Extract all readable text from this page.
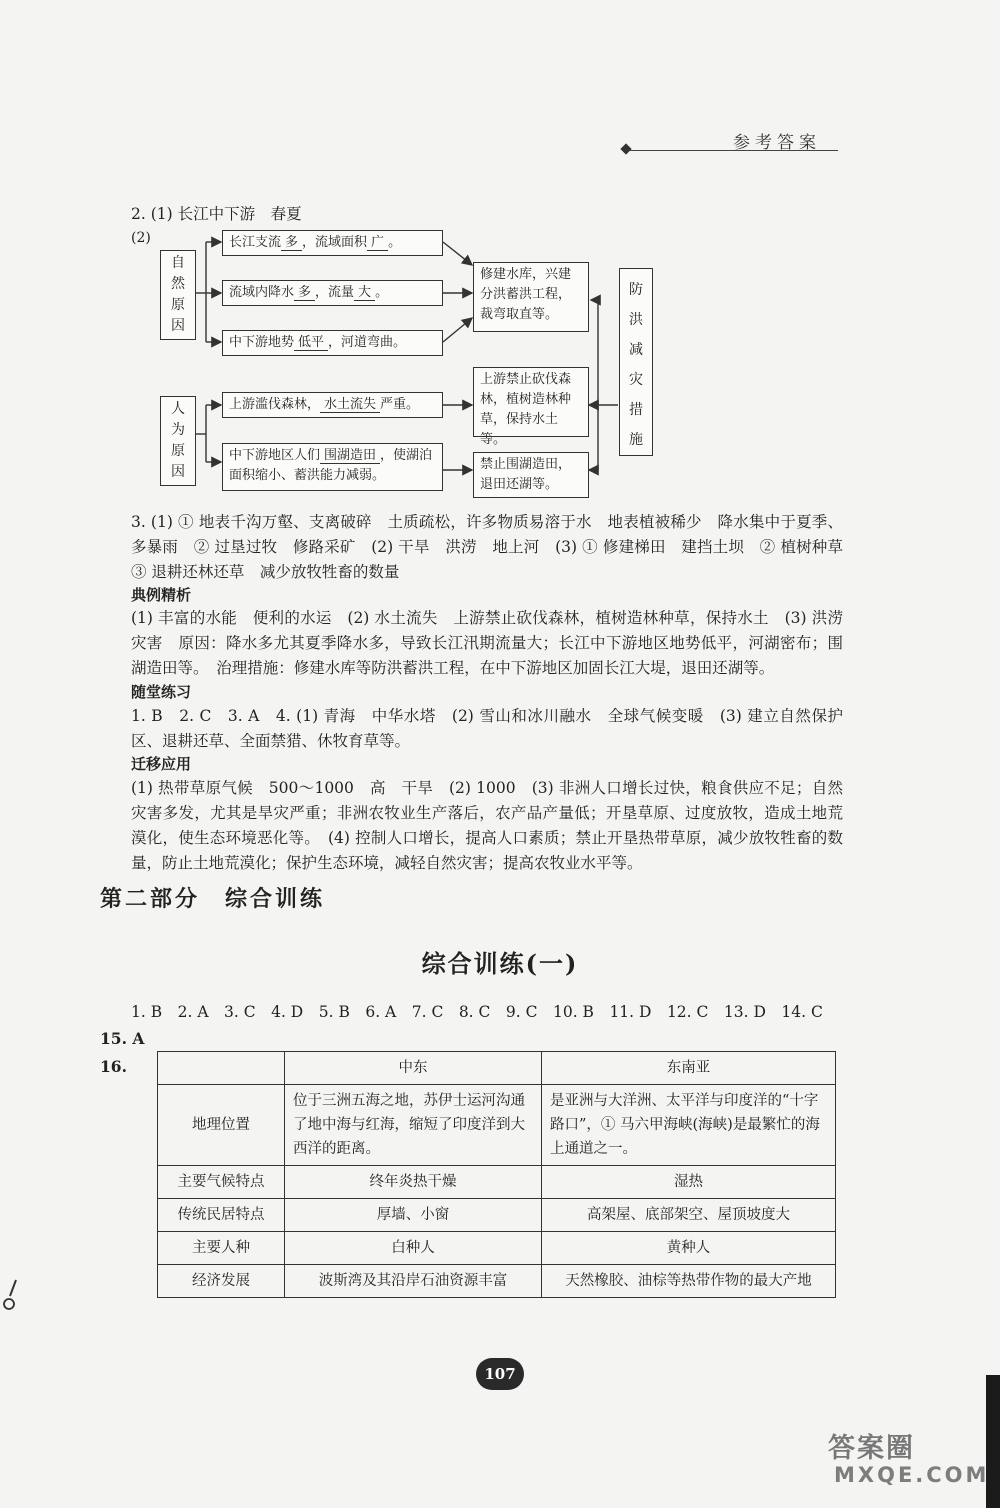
参考答案
2. (1) 长江中下游　春夏
(2)
自然原因
长江支流 多 ，流域面积 广 。
流域内降水 多 ，流量 大 。
中下游地势 低平 ，河道弯曲。
修建水库，兴建分洪蓄洪工程，裁弯取直等。
防洪减灾措施
人为原因
上游滥伐森林， 水土流失 严重。
中下游地区人们 围湖造田 ，使湖泊面积缩小、蓄洪能力减弱。
上游禁止砍伐森林，植树造林种草，保持水土等。
禁止围湖造田，退田还湖等。
3. (1) ① 地表千沟万壑、支离破碎　土质疏松，许多物质易溶于水　地表植被稀少　降水集中于夏季、多暴雨　② 过垦过牧　修路采矿　(2) 干旱　洪涝　地上河　(3) ① 修建梯田　建挡土坝　② 植树种草　③ 退耕还林还草　减少放牧牲畜的数量
典例精析
(1) 丰富的水能　便利的水运　(2) 水土流失　上游禁止砍伐森林，植树造林种草，保持水土　(3) 洪涝灾害　原因：降水多尤其夏季降水多，导致长江汛期流量大；长江中下游地区地势低平，河湖密布；围湖造田等。　治理措施：修建水库等防洪蓄洪工程，在中下游地区加固长江大堤，退田还湖等。
随堂练习
1. B　2. C　3. A　4. (1) 青海　中华水塔　(2) 雪山和冰川融水　全球气候变暖　(3) 建立自然保护区、退耕还草、全面禁猎、休牧育草等。
迁移应用
(1) 热带草原气候　500～1000　高　干旱　(2) 1000　(3) 非洲人口增长过快，粮食供应不足；自然灾害多发，尤其是旱灾严重；非洲农牧业生产落后，农产品产量低；开垦草原、过度放牧，造成土地荒漠化，使生态环境恶化等。　(4) 控制人口增长，提高人口素质；禁止开垦热带草原，减少放牧牲畜的数量，防止土地荒漠化；保护生态环境，减轻自然灾害；提高农牧业水平等。
第二部分　综合训练
综合训练(一)
1. B　2. A　3. C　4. D　5. B　6. A　7. C　8. C　9. C　10. B　11. D　12. C　13. D　14. C
15. A
16.
		中东	东南亚
地理位置	位于三洲五海之地，苏伊士运河沟通了地中海与红海，缩短了印度洋到大西洋的距离。	是亚洲与大洋洲、太平洋与印度洋的“十字路口”，① 马六甲海峡(海峡)是最繁忙的海上通道之一。
主要气候特点	终年炎热干燥	湿热
传统民居特点	厚墙、小窗	高架屋、底部架空、屋顶坡度大
主要人种	白种人	黄种人
经济发展	波斯湾及其沿岸石油资源丰富	天然橡胶、油棕等热带作物的最大产地
107
答案圈
MXQE.COM
